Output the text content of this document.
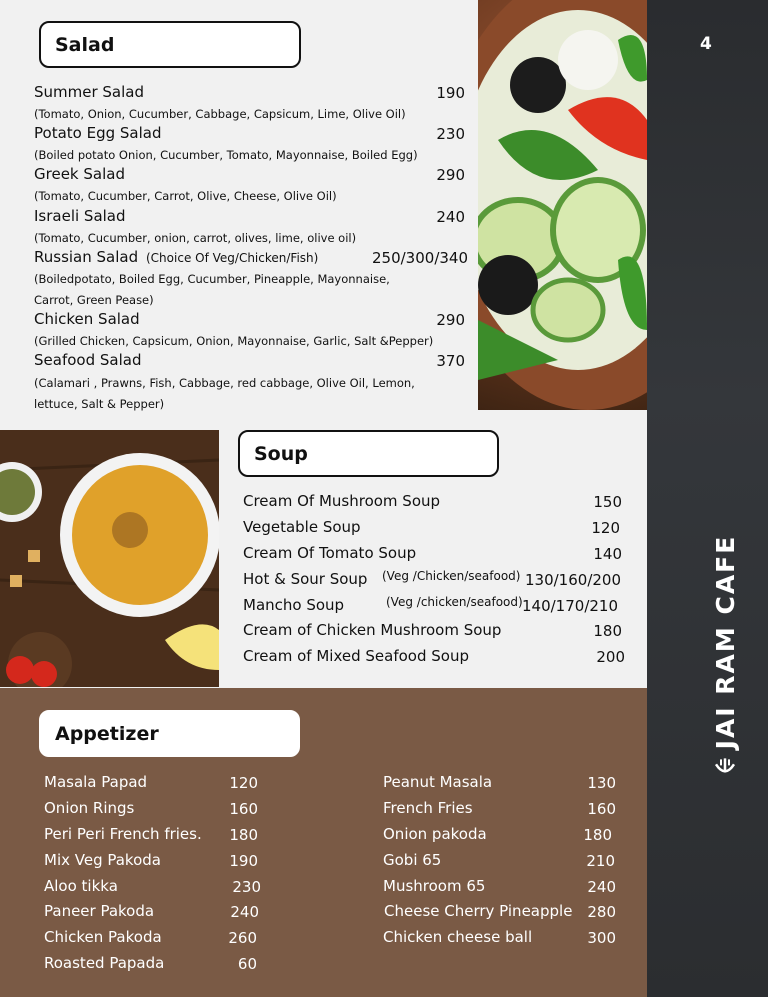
4
JAI RAM CAFE
Salad
Summer Salad	190
(Tomato, Onion, Cucumber, Cabbage, Capsicum, Lime, Olive Oil)
Potato Egg Salad	230
(Boiled potato Onion, Cucumber, Tomato, Mayonnaise, Boiled Egg)
Greek Salad	290
(Tomato, Cucumber, Carrot, Olive, Cheese, Olive Oil)
Israeli Salad	240
(Tomato, Cucumber, onion, carrot, olives, lime, olive oil)
Russian Salad (Choice Of Veg/Chicken/Fish)	250/300/340
(Boiledpotato, Boiled Egg, Cucumber, Pineapple, Mayonnaise,
Carrot, Green Pease)
Chicken Salad	290
(Grilled Chicken, Capsicum, Onion, Mayonnaise, Garlic, Salt &Pepper)
Seafood Salad	370
(Calamari , Prawns, Fish, Cabbage, red cabbage, Olive Oil, Lemon,
lettuce, Salt & Pepper)
Soup
Cream Of Mushroom Soup	150
Vegetable Soup	120
Cream Of Tomato Soup	140
Hot & Sour Soup (Veg /Chicken/seafood) 130/160/200
Mancho Soup	(Veg /chicken/seafood) 140/170/210
Cream of Chicken Mushroom Soup	180
Cream of Mixed Seafood Soup	200
Appetizer
Masala Papad	120
Onion Rings	160
Peri Peri French fries. 180
Mix Veg Pakoda	190
Aloo tikka	230
Paneer Pakoda	240
Chicken Pakoda	260
Roasted Papada	60
Peanut Masala	130
French Fries	160
Onion pakoda	180
Gobi 65	210
Mushroom 65	240
Cheese Cherry Pineapple 280
Chicken cheese ball	300
